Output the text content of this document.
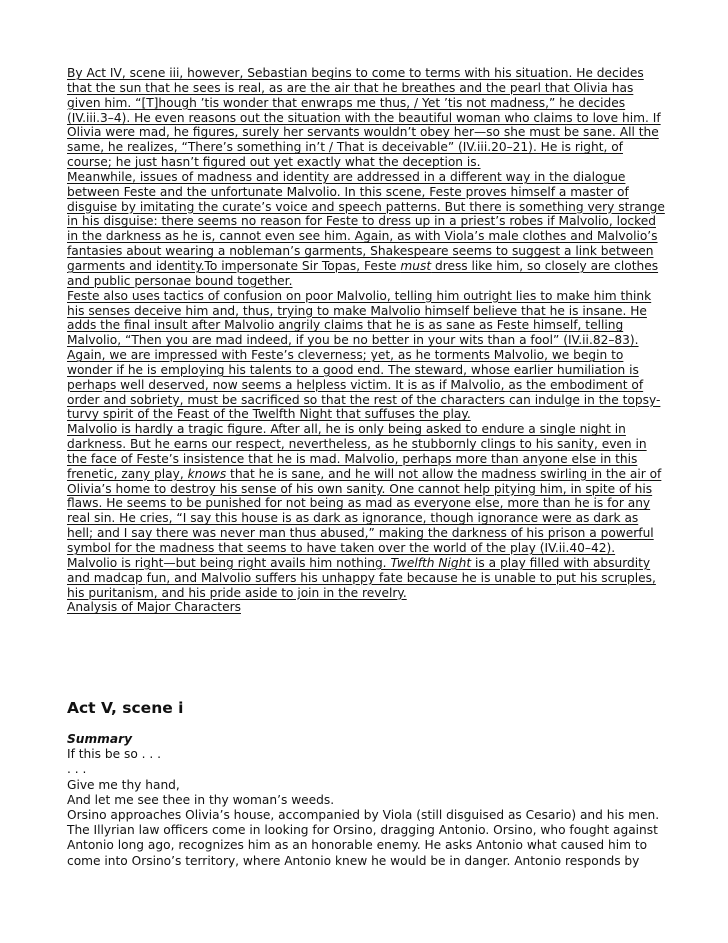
By Act IV, scene iii, however, Sebastian begins to come to terms with his situation. He decides
that the sun that he sees is real, as are the air that he breathes and the pearl that Olivia has
given him. “[T]hough ’tis wonder that enwraps me thus, / Yet ’tis not madness,” he decides
(IV.iii.3–4). He even reasons out the situation with the beautiful woman who claims to love him. If
Olivia were mad, he figures, surely her servants wouldn’t obey her—so she must be sane. All the
same, he realizes, “There’s something in’t / That is deceivable” (IV.iii.20–21). He is right, of
course; he just hasn’t figured out yet exactly what the deception is.
Meanwhile, issues of madness and identity are addressed in a different way in the dialogue
between Feste and the unfortunate Malvolio. In this scene, Feste proves himself a master of
disguise by imitating the curate’s voice and speech patterns. But there is something very strange
in his disguise: there seems no reason for Feste to dress up in a priest’s robes if Malvolio, locked
in the darkness as he is, cannot even see him. Again, as with Viola’s male clothes and Malvolio’s
fantasies about wearing a nobleman’s garments, Shakespeare seems to suggest a link between
garments and identity.To impersonate Sir Topas, Feste must dress like him, so closely are clothes
and public personae bound together.
Feste also uses tactics of confusion on poor Malvolio, telling him outright lies to make him think
his senses deceive him and, thus, trying to make Malvolio himself believe that he is insane. He
adds the final insult after Malvolio angrily claims that he is as sane as Feste himself, telling
Malvolio, “Then you are mad indeed, if you be no better in your wits than a fool” (IV.ii.82–83).
Again, we are impressed with Feste’s cleverness; yet, as he torments Malvolio, we begin to
wonder if he is employing his talents to a good end. The steward, whose earlier humiliation is
perhaps well deserved, now seems a helpless victim. It is as if Malvolio, as the embodiment of
order and sobriety, must be sacrificed so that the rest of the characters can indulge in the topsy-
turvy spirit of the Feast of the Twelfth Night that suffuses the play.
Malvolio is hardly a tragic figure. After all, he is only being asked to endure a single night in
darkness. But he earns our respect, nevertheless, as he stubbornly clings to his sanity, even in
the face of Feste’s insistence that he is mad. Malvolio, perhaps more than anyone else in this
frenetic, zany play, knows that he is sane, and he will not allow the madness swirling in the air of
Olivia’s home to destroy his sense of his own sanity. One cannot help pitying him, in spite of his
flaws. He seems to be punished for not being as mad as everyone else, more than he is for any
real sin. He cries, “I say this house is as dark as ignorance, though ignorance were as dark as
hell; and I say there was never man thus abused,” making the darkness of his prison a powerful
symbol for the madness that seems to have taken over the world of the play (IV.ii.40–42).
Malvolio is right—but being right avails him nothing. Twelfth Night is a play filled with absurdity
and madcap fun, and Malvolio suffers his unhappy fate because he is unable to put his scruples,
his puritanism, and his pride aside to join in the revelry.
Analysis of Major Characters
Act V, scene i
Summary
If this be so . . .
. . .
Give me thy hand,
And let me see thee in thy woman’s weeds.
Orsino approaches Olivia’s house, accompanied by Viola (still disguised as Cesario) and his men.
The Illyrian law officers come in looking for Orsino, dragging Antonio. Orsino, who fought against
Antonio long ago, recognizes him as an honorable enemy. He asks Antonio what caused him to
come into Orsino’s territory, where Antonio knew he would be in danger. Antonio responds by
